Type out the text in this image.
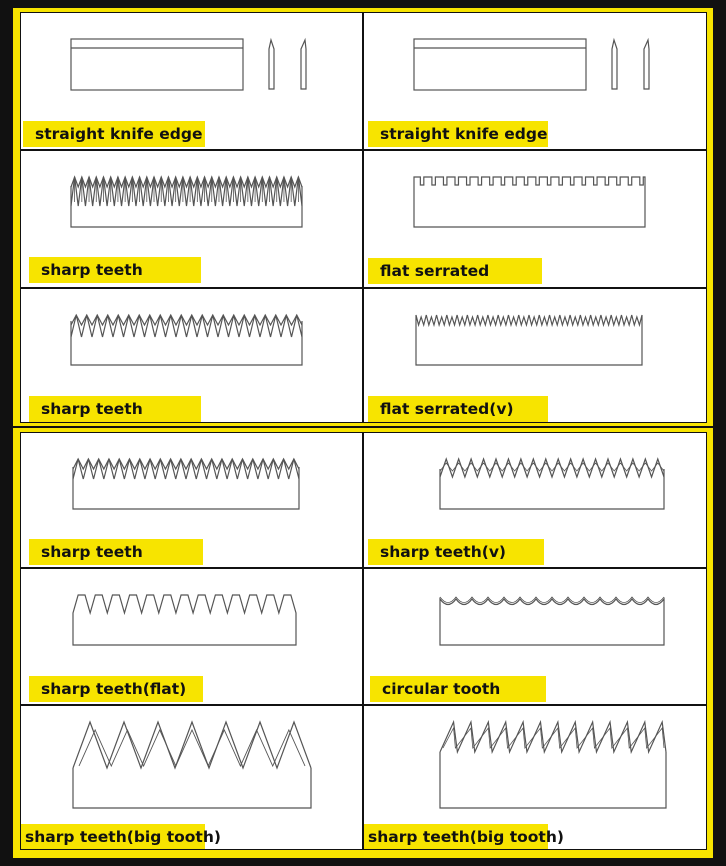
straight knife edge	straight knife edge
sharp teeth	flat serrated
sharp teeth	flat serrated(v)
sharp teeth	sharp teeth(v)
sharp teeth(flat)	circular tooth
sharp teeth(big tooth)	sharp teeth(big tooth)
